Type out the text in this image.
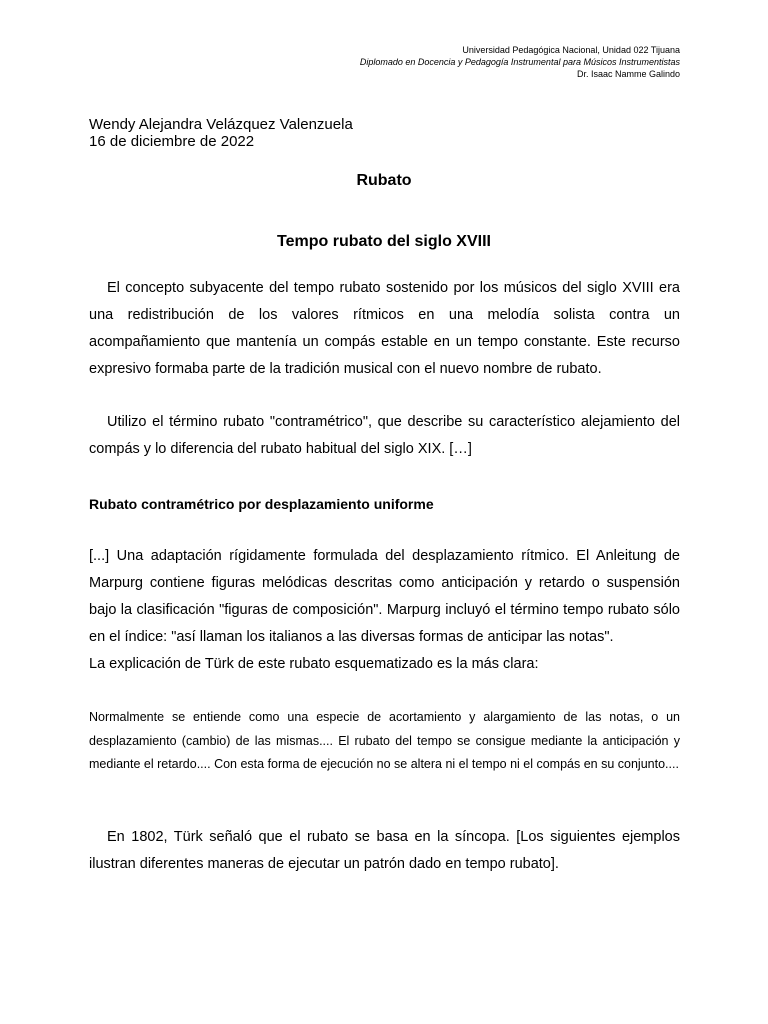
Universidad Pedagógica Nacional, Unidad 022 Tijuana
Diplomado en Docencia y Pedagogía Instrumental para Músicos Instrumentistas
Dr. Isaac Namme Galindo
Wendy Alejandra Velázquez Valenzuela
16 de diciembre de 2022
Rubato
Tempo rubato del siglo XVIII

El concepto subyacente del tempo rubato sostenido por los músicos del siglo XVIII era una redistribución de los valores rítmicos en una melodía solista contra un acompañamiento que mantenía un compás estable en un tempo constante. Este recurso expresivo formaba parte de la tradición musical con el nuevo nombre de rubato.

Utilizo el término rubato "contramétrico", que describe su característico alejamiento del compás y lo diferencia del rubato habitual del siglo XIX. […]

Rubato contramétrico por desplazamiento uniforme
[...] Una adaptación rígidamente formulada del desplazamiento rítmico. El Anleitung de Marpurg contiene figuras melódicas descritas como anticipación y retardo o suspensión bajo la clasificación "figuras de composición". Marpurg incluyó el término tempo rubato sólo en el índice: "así llaman los italianos a las diversas formas de anticipar las notas".
La explicación de Türk de este rubato esquematizado es la más clara:

Normalmente se entiende como una especie de acortamiento y alargamiento de las notas, o un desplazamiento (cambio) de las mismas.... El rubato del tempo se consigue mediante la anticipación y mediante el retardo.... Con esta forma de ejecución no se altera ni el tempo ni el compás en su conjunto....

En 1802, Türk señaló que el rubato se basa en la síncopa. [Los siguientes ejemplos ilustran diferentes maneras de ejecutar un patrón dado en tempo rubato].
